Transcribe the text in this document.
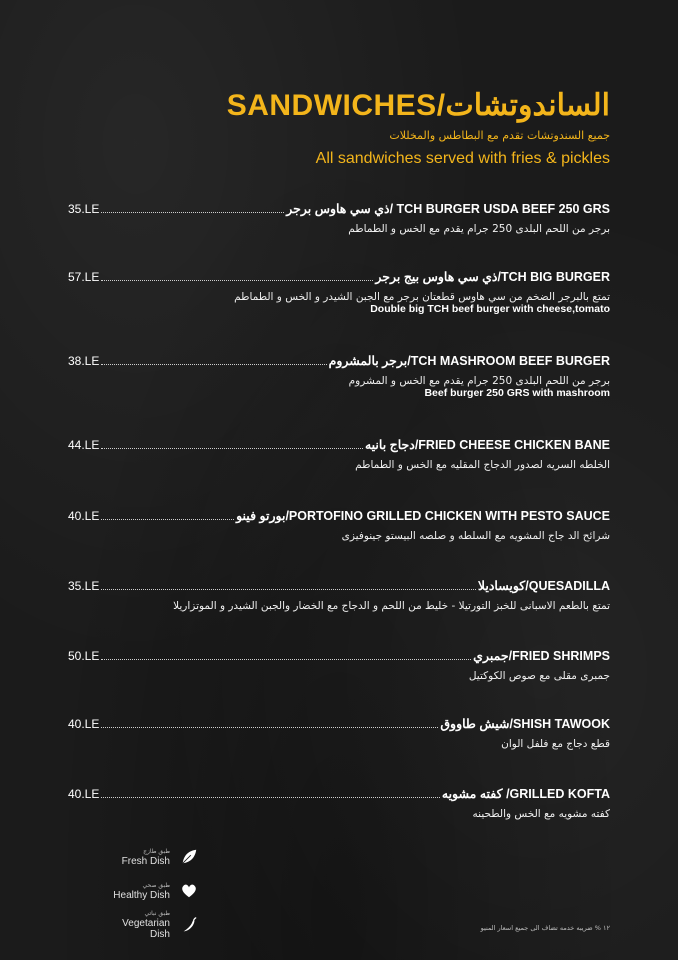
SANDWICHES/الساندوتشات
جميع السندوتشات تقدم مع البطاطس والمخللات
All sandwiches served with fries & pickles
35.LE	ذي سي هاوس برجر/ TCH BURGER USDA BEEF 250 GRS
برجر من اللحم البلدى 250 جرام يقدم مع الخس و الطماطم
57.LE	ذي سي هاوس بيج برجر/TCH BIG BURGER
تمتع بالبرجر الضخم من سي هاوس قطعتان برجر مع الجبن الشيدر و الخس و الطماطم
Double big TCH beef burger with cheese,tomato
38.LE	برجر بالمشروم/TCH MASHROOM BEEF BURGER
برجر من اللحم البلدى 250 جرام يقدم مع الخس و المشروم
Beef burger 250 GRS with mashroom
44.LE	دجاج بانيه/FRIED CHEESE CHICKEN BANE
الخلطه السريه لصدور الدجاج المقليه مع الخس و الطماطم
40.LE	بورتو فينو/PORTOFINO GRILLED CHICKEN WITH PESTO SAUCE
شرائح الد جاج المشويه مع السلطه و صلصه البيستو جينوفيزى
35.LE	كويساديلا/QUESADILLA
تمتع بالطعم الاسبانى للخبز التورتيلا - خليط من اللحم و الدجاج مع الخضار والجبن الشيدر و الموتزاريلا
50.LE	جمبري/FRIED SHRIMPS
جمبرى مقلى مع صوص الكوكتيل
40.LE	شيش طاووق/SHISH TAWOOK
قطع دجاج مع فلفل الوان
40.LE	كفته مشويه /GRILLED KOFTA
كفته مشويه مع الخس والطحينه
طبق طازج
Fresh Dish
طبق صحي
Healthy Dish
طبق نباتي
Vegetarian Dish
١٢ % ضريبه خدمه تضاف الى جميع اسعار المنيو
